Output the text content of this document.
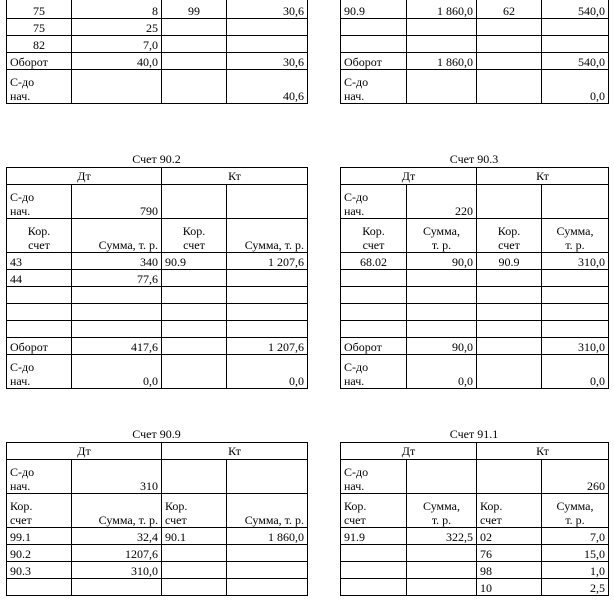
75	8	99	30,6
75	25		
82	7,0		
Оборот	40,0		30,6
С-до
нач.			40,6
90.9	1 860,0	62	540,0

Оборот	1 860,0		540,0
С-до
нач.			0,0
Счет 90.2
Дт		Кт	
С-до
нач.	790		
Кор.
счет	Сумма, т. р.	Кор.
счет	Сумма, т. р.
43	340	90.9	1 207,6
44	77,6		

Оборот	417,6		1 207,6
С-до
нач.	0,0		0,0
Счет 90.3
Дт		Кт	
С-до
нач.	220		
Кор.
счет	Сумма,
т. р.	Кор.
счет	Сумма,
т. р.
68.02	90,0	90.9	310,0

Оборот	90,0		310,0
С-до
нач.	0,0		0,0
Счет 90.9
Дт		Кт	
С-до
нач.	310		
Кор.
счет	Сумма, т. р.	Кор.
счет	Сумма, т. р.
99.1	32,4	90.1	1 860,0
90.2	1207,6		
90.3	310,0		

Счет 91.1
Дт		Кт	
С-до
нач.			260
Кор.
счет	Сумма,
т. р.	Кор.
счет	Сумма,
т. р.
91.9	322,5	02	7,0
		76	15,0
		98	1,0
		10	2,5
